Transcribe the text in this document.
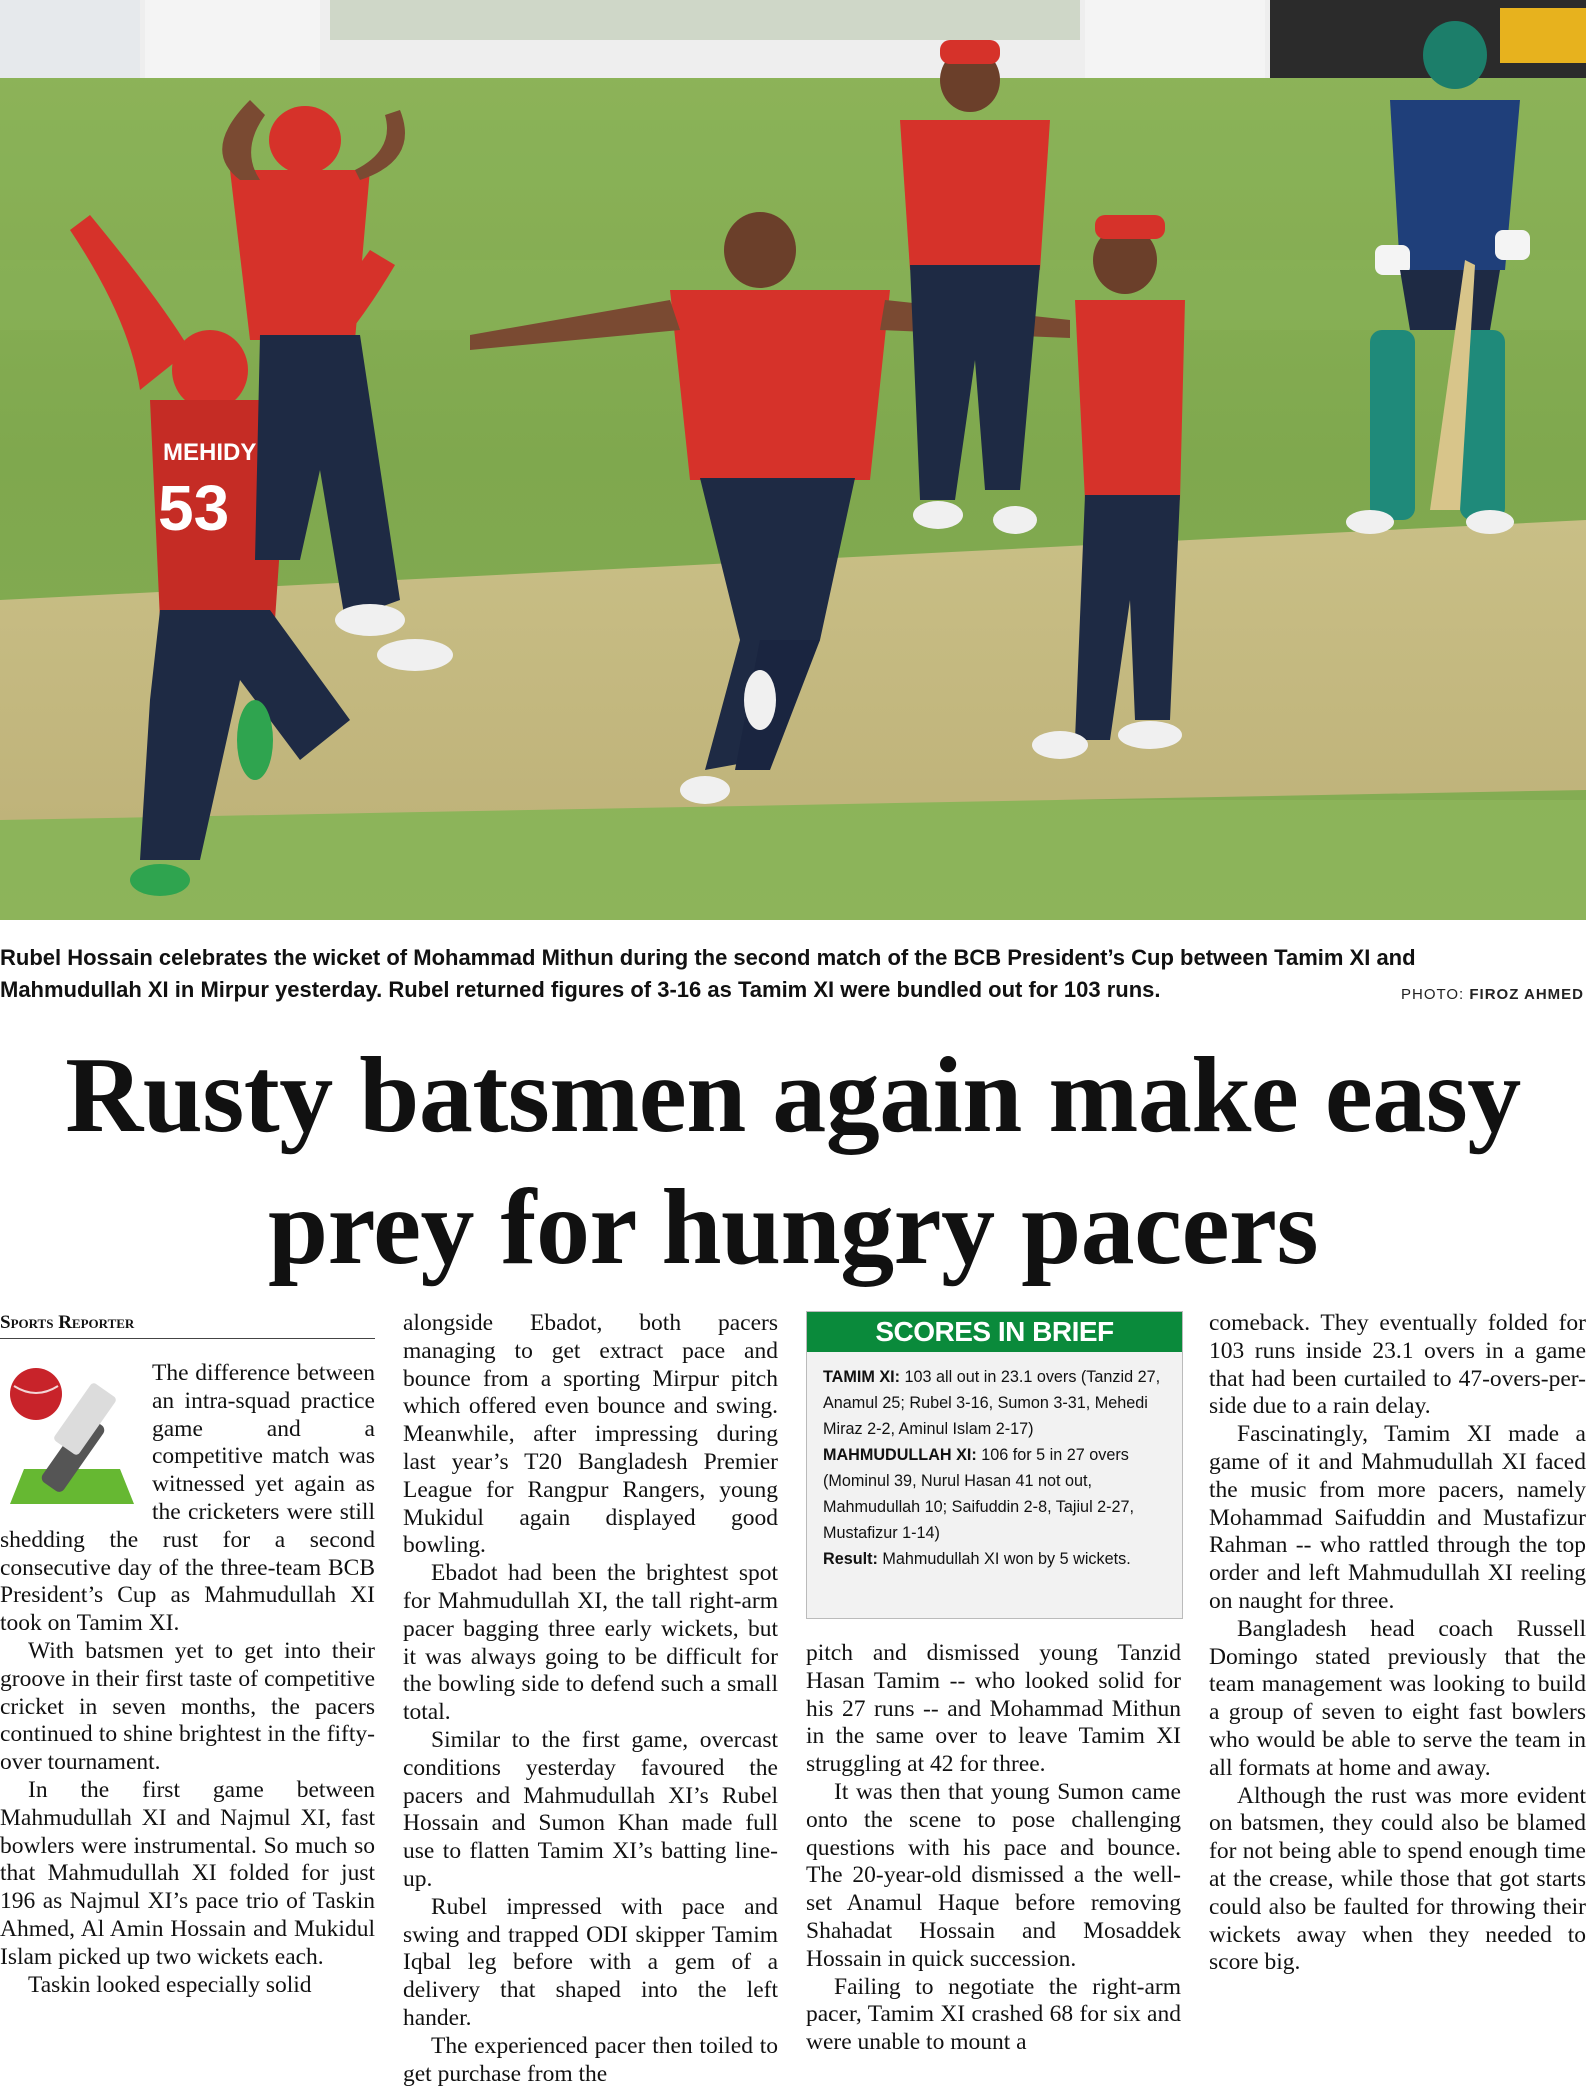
MEHIDY
53

Rubel Hossain celebrates the wicket of Mohammad Mithun during the second match of the BCB President’s Cup between Tamim XI and

Mahmudullah XI in Mirpur yesterday. Rubel returned figures of 3-16 as Tamim XI were bundled out for 103 runs.	PHOTO: FIROZ AHMED
Rusty batsmen again make easy
prey for hungry pacers
Sports Reporter

The difference between an intra-squad practice game and a competitive match was witnessed yet again as the cricketers were still shedding the rust for a second consecutive day of the three-team BCB President’s Cup as Mahmudullah XI took on Tamim XI.

With batsmen yet to get into their groove in their first taste of competitive cricket in seven months, the pacers continued to shine brightest in the fifty-over tournament.

In the first game between Mahmudullah XI and Najmul XI, fast bowlers were instrumental. So much so that Mahmudullah XI folded for just 196 as Najmul XI’s pace trio of Taskin Ahmed, Al Amin Hossain and Mukidul Islam picked up two wickets each.

Taskin looked especially solid

alongside Ebadot, both pacers managing to get extract pace and bounce from a sporting Mirpur pitch which offered even bounce and swing. Meanwhile, after impressing during last year’s T20 Bangladesh Premier League for Rangpur Rangers, young Mukidul again displayed good bowling.

Ebadot had been the brightest spot for Mahmudullah XI, the tall right-arm pacer bagging three early wickets, but it was always going to be difficult for the bowling side to defend such a small total.

Similar to the first game, overcast conditions yesterday favoured the pacers and Mahmudullah XI’s Rubel Hossain and Sumon Khan made full use to flatten Tamim XI’s batting line-up.

Rubel impressed with pace and swing and trapped ODI skipper Tamim Iqbal leg before with a gem of a delivery that shaped into the left hander.

The experienced pacer then toiled to get purchase from the

SCORES IN BRIEF

TAMIM XI: 103 all out in 23.1 overs (Tanzid 27, Anamul 25; Rubel 3-16, Sumon 3-31, Mehedi Miraz 2-2, Aminul Islam 2-17)

MAHMUDULLAH XI: 106 for 5 in 27 overs (Mominul 39, Nurul Hasan 41 not out, Mahmudullah 10; Saifuddin 2-8, Tajiul 2-27, Mustafizur 1-14)

Result: Mahmudullah XI won by 5 wickets.

pitch and dismissed young Tanzid Hasan Tamim -- who looked solid for his 27 runs -- and Mohammad Mithun in the same over to leave Tamim XI struggling at 42 for three.

It was then that young Sumon came onto the scene to pose challenging questions with his pace and bounce. The 20-year-old dismissed a the well-set Anamul Haque before removing Shahadat Hossain and Mosaddek Hossain in quick succession.

Failing to negotiate the right-arm pacer, Tamim XI crashed 68 for six and were unable to mount a

comeback. They eventually folded for 103 runs inside 23.1 overs in a game that had been curtailed to 47-overs-per-side due to a rain delay.

Fascinatingly, Tamim XI made a game of it and Mahmudullah XI faced the music from more pacers, namely Mohammad Saifuddin and Mustafizur Rahman -- who rattled through the top order and left Mahmudullah XI reeling on naught for three.

Bangladesh head coach Russell Domingo stated previously that the team management was looking to build a group of seven to eight fast bowlers who would be able to serve the team in all formats at home and away.

Although the rust was more evident on batsmen, they could also be blamed for not being able to spend enough time at the crease, while those that got starts could also be faulted for throwing their wickets away when they needed to score big.
